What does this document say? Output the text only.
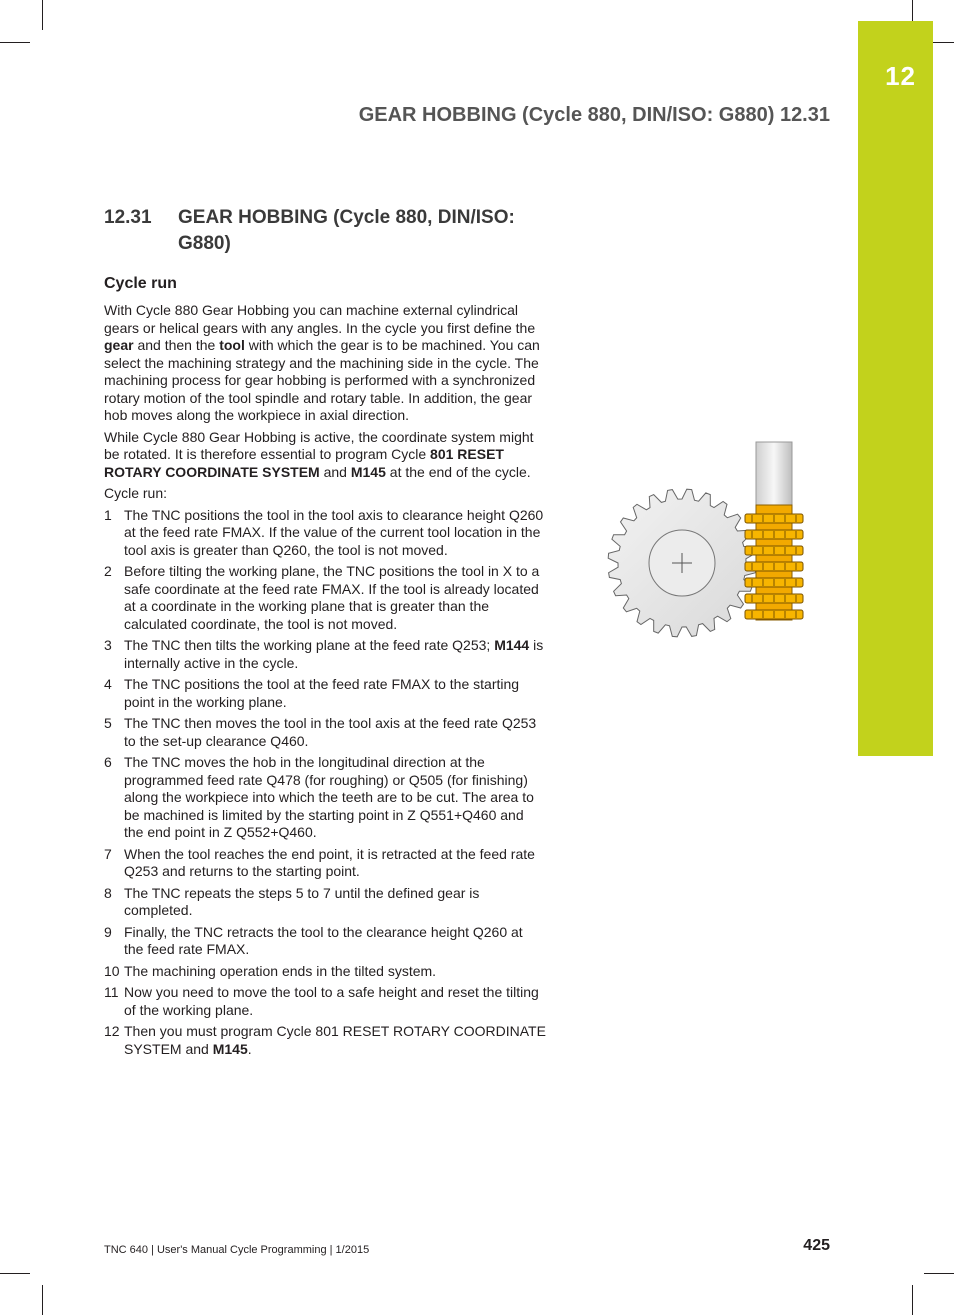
12
GEAR HOBBING (Cycle 880, DIN/ISO: G880) 12.31
12.31	GEAR HOBBING (Cycle 880, DIN/ISO: G880)
Cycle run

With Cycle 880 Gear Hobbing you can machine external cylindrical gears or helical gears with any angles. In the cycle you first define the gear and then the tool with which the gear is to be machined. You can select the machining strategy and the machining side in the cycle. The machining process for gear hobbing is performed with a synchronized rotary motion of the tool spindle and rotary table. In addition, the gear hob moves along the workpiece in axial direction.

While Cycle 880 Gear Hobbing is active, the coordinate system might be rotated. It is therefore essential to program Cycle 801 RESET ROTARY COORDINATE SYSTEM and M145 at the end of the cycle.

Cycle run:

1 The TNC positions the tool in the tool axis to clearance height Q260 at the feed rate FMAX. If the value of the current tool location in the tool axis is greater than Q260, the tool is not moved.
2 Before tilting the working plane, the TNC positions the tool in X to a safe coordinate at the feed rate FMAX. If the tool is already located at a coordinate in the working plane that is greater than the calculated coordinate, the tool is not moved.
3 The TNC then tilts the working plane at the feed rate Q253; M144 is internally active in the cycle.
4 The TNC positions the tool at the feed rate FMAX to the starting point in the working plane.
5 The TNC then moves the tool in the tool axis at the feed rate Q253 to the set-up clearance Q460.
6 The TNC moves the hob in the longitudinal direction at the programmed feed rate Q478 (for roughing) or Q505 (for finishing) along the workpiece into which the teeth are to be cut. The area to be machined is limited by the starting point in Z Q551+Q460 and the end point in Z Q552+Q460.
7 When the tool reaches the end point, it is retracted at the feed rate Q253 and returns to the starting point.
8 The TNC repeats the steps 5 to 7 until the defined gear is completed.
9 Finally, the TNC retracts the tool to the clearance height Q260 at the feed rate FMAX.
10 The machining operation ends in the tilted system.
11 Now you need to move the tool to a safe height and reset the tilting of the working plane.
12 Then you must program Cycle 801 RESET ROTARY COORDINATE SYSTEM and M145.
TNC 640 | User's Manual Cycle Programming | 1/2015	425
